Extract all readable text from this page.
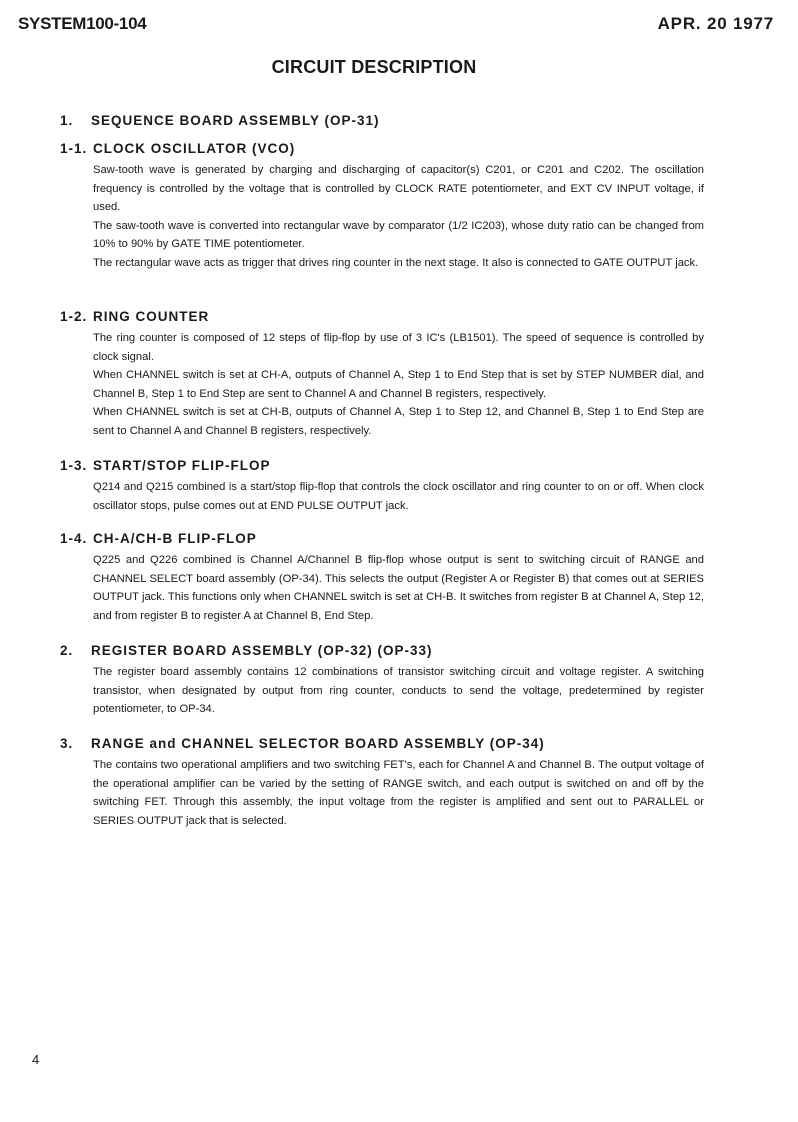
SYSTEM100-104	APR. 20 1977
CIRCUIT DESCRIPTION
1.	SEQUENCE BOARD ASSEMBLY (OP-31)
1-1. CLOCK OSCILLATOR (VCO)

Saw-tooth wave is generated by charging and discharging of capacitor(s) C201, or C201 and C202. The oscillation frequency is controlled by the voltage that is controlled by CLOCK RATE potentiometer, and EXT CV INPUT voltage, if used.

The saw-tooth wave is converted into rectangular wave by comparator (1/2 IC203), whose duty ratio can be changed from 10% to 90% by GATE TIME potentiometer.

The rectangular wave acts as trigger that drives ring counter in the next stage. It also is connected to GATE OUTPUT jack.

1-2. RING COUNTER

The ring counter is composed of 12 steps of flip-flop by use of 3 IC's (LB1501). The speed of sequence is controlled by clock signal.

When CHANNEL switch is set at CH-A, outputs of Channel A, Step 1 to End Step that is set by STEP NUMBER dial, and Channel B, Step 1 to End Step are sent to Channel A and Channel B registers, respectively.

When CHANNEL switch is set at CH-B, outputs of Channel A, Step 1 to Step 12, and Channel B, Step 1 to End Step are sent to Channel A and Channel B registers, respectively.

1-3. START/STOP FLIP-FLOP

Q214 and Q215 combined is a start/stop flip-flop that controls the clock oscillator and ring counter to on or off. When clock oscillator stops, pulse comes out at END PULSE OUTPUT jack.

1-4. CH-A/CH-B FLIP-FLOP

Q225 and Q226 combined is Channel A/Channel B flip-flop whose output is sent to switching circuit of RANGE and CHANNEL SELECT board assembly (OP-34). This selects the output (Register A or Register B) that comes out at SERIES OUTPUT jack. This functions only when CHANNEL switch is set at CH-B. It switches from register B at Channel A, Step 12, and from register B to register A at Channel B, End Step.

2.	REGISTER BOARD ASSEMBLY (OP-32) (OP-33)

The register board assembly contains 12 combinations of transistor switching circuit and voltage register. A switching transistor, when designated by output from ring counter, conducts to send the voltage, predetermined by register potentiometer, to OP-34.

3.	RANGE and CHANNEL SELECTOR BOARD ASSEMBLY (OP-34)

The contains two operational amplifiers and two switching FET's, each for Channel A and Channel B. The output voltage of the operational amplifier can be varied by the setting of RANGE switch, and each output is switched on and off by the switching FET. Through this assembly, the input voltage from the register is amplified and sent out to PARALLEL or SERIES OUTPUT jack that is selected.

4
